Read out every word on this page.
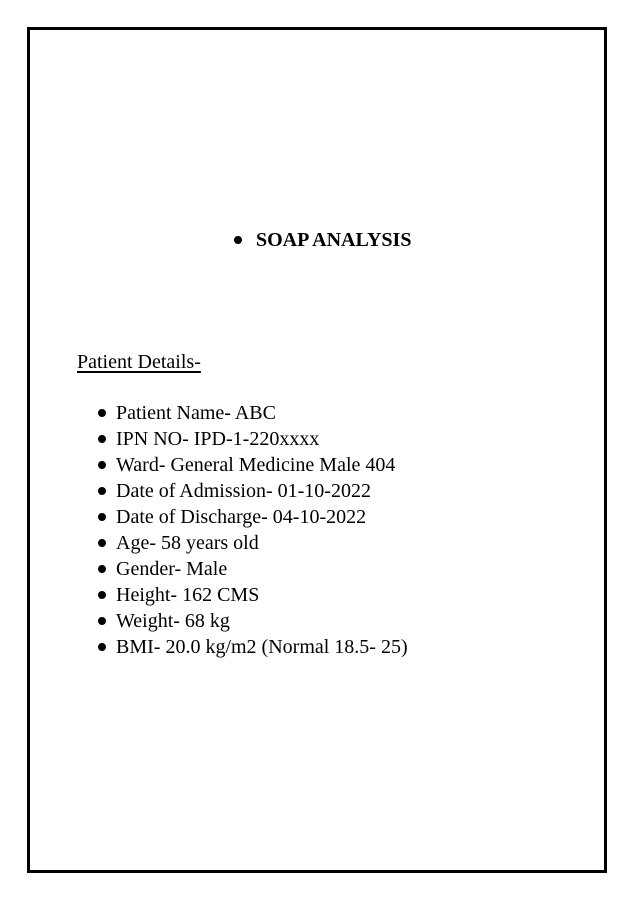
SOAP ANALYSIS
Patient Details-
Patient Name- ABC
IPN NO- IPD-1-220xxxx
Ward- General Medicine Male 404
Date of Admission- 01-10-2022
Date of Discharge- 04-10-2022
Age- 58 years old
Gender- Male
Height- 162 CMS
Weight- 68 kg
BMI- 20.0 kg/m2 (Normal 18.5- 25)
